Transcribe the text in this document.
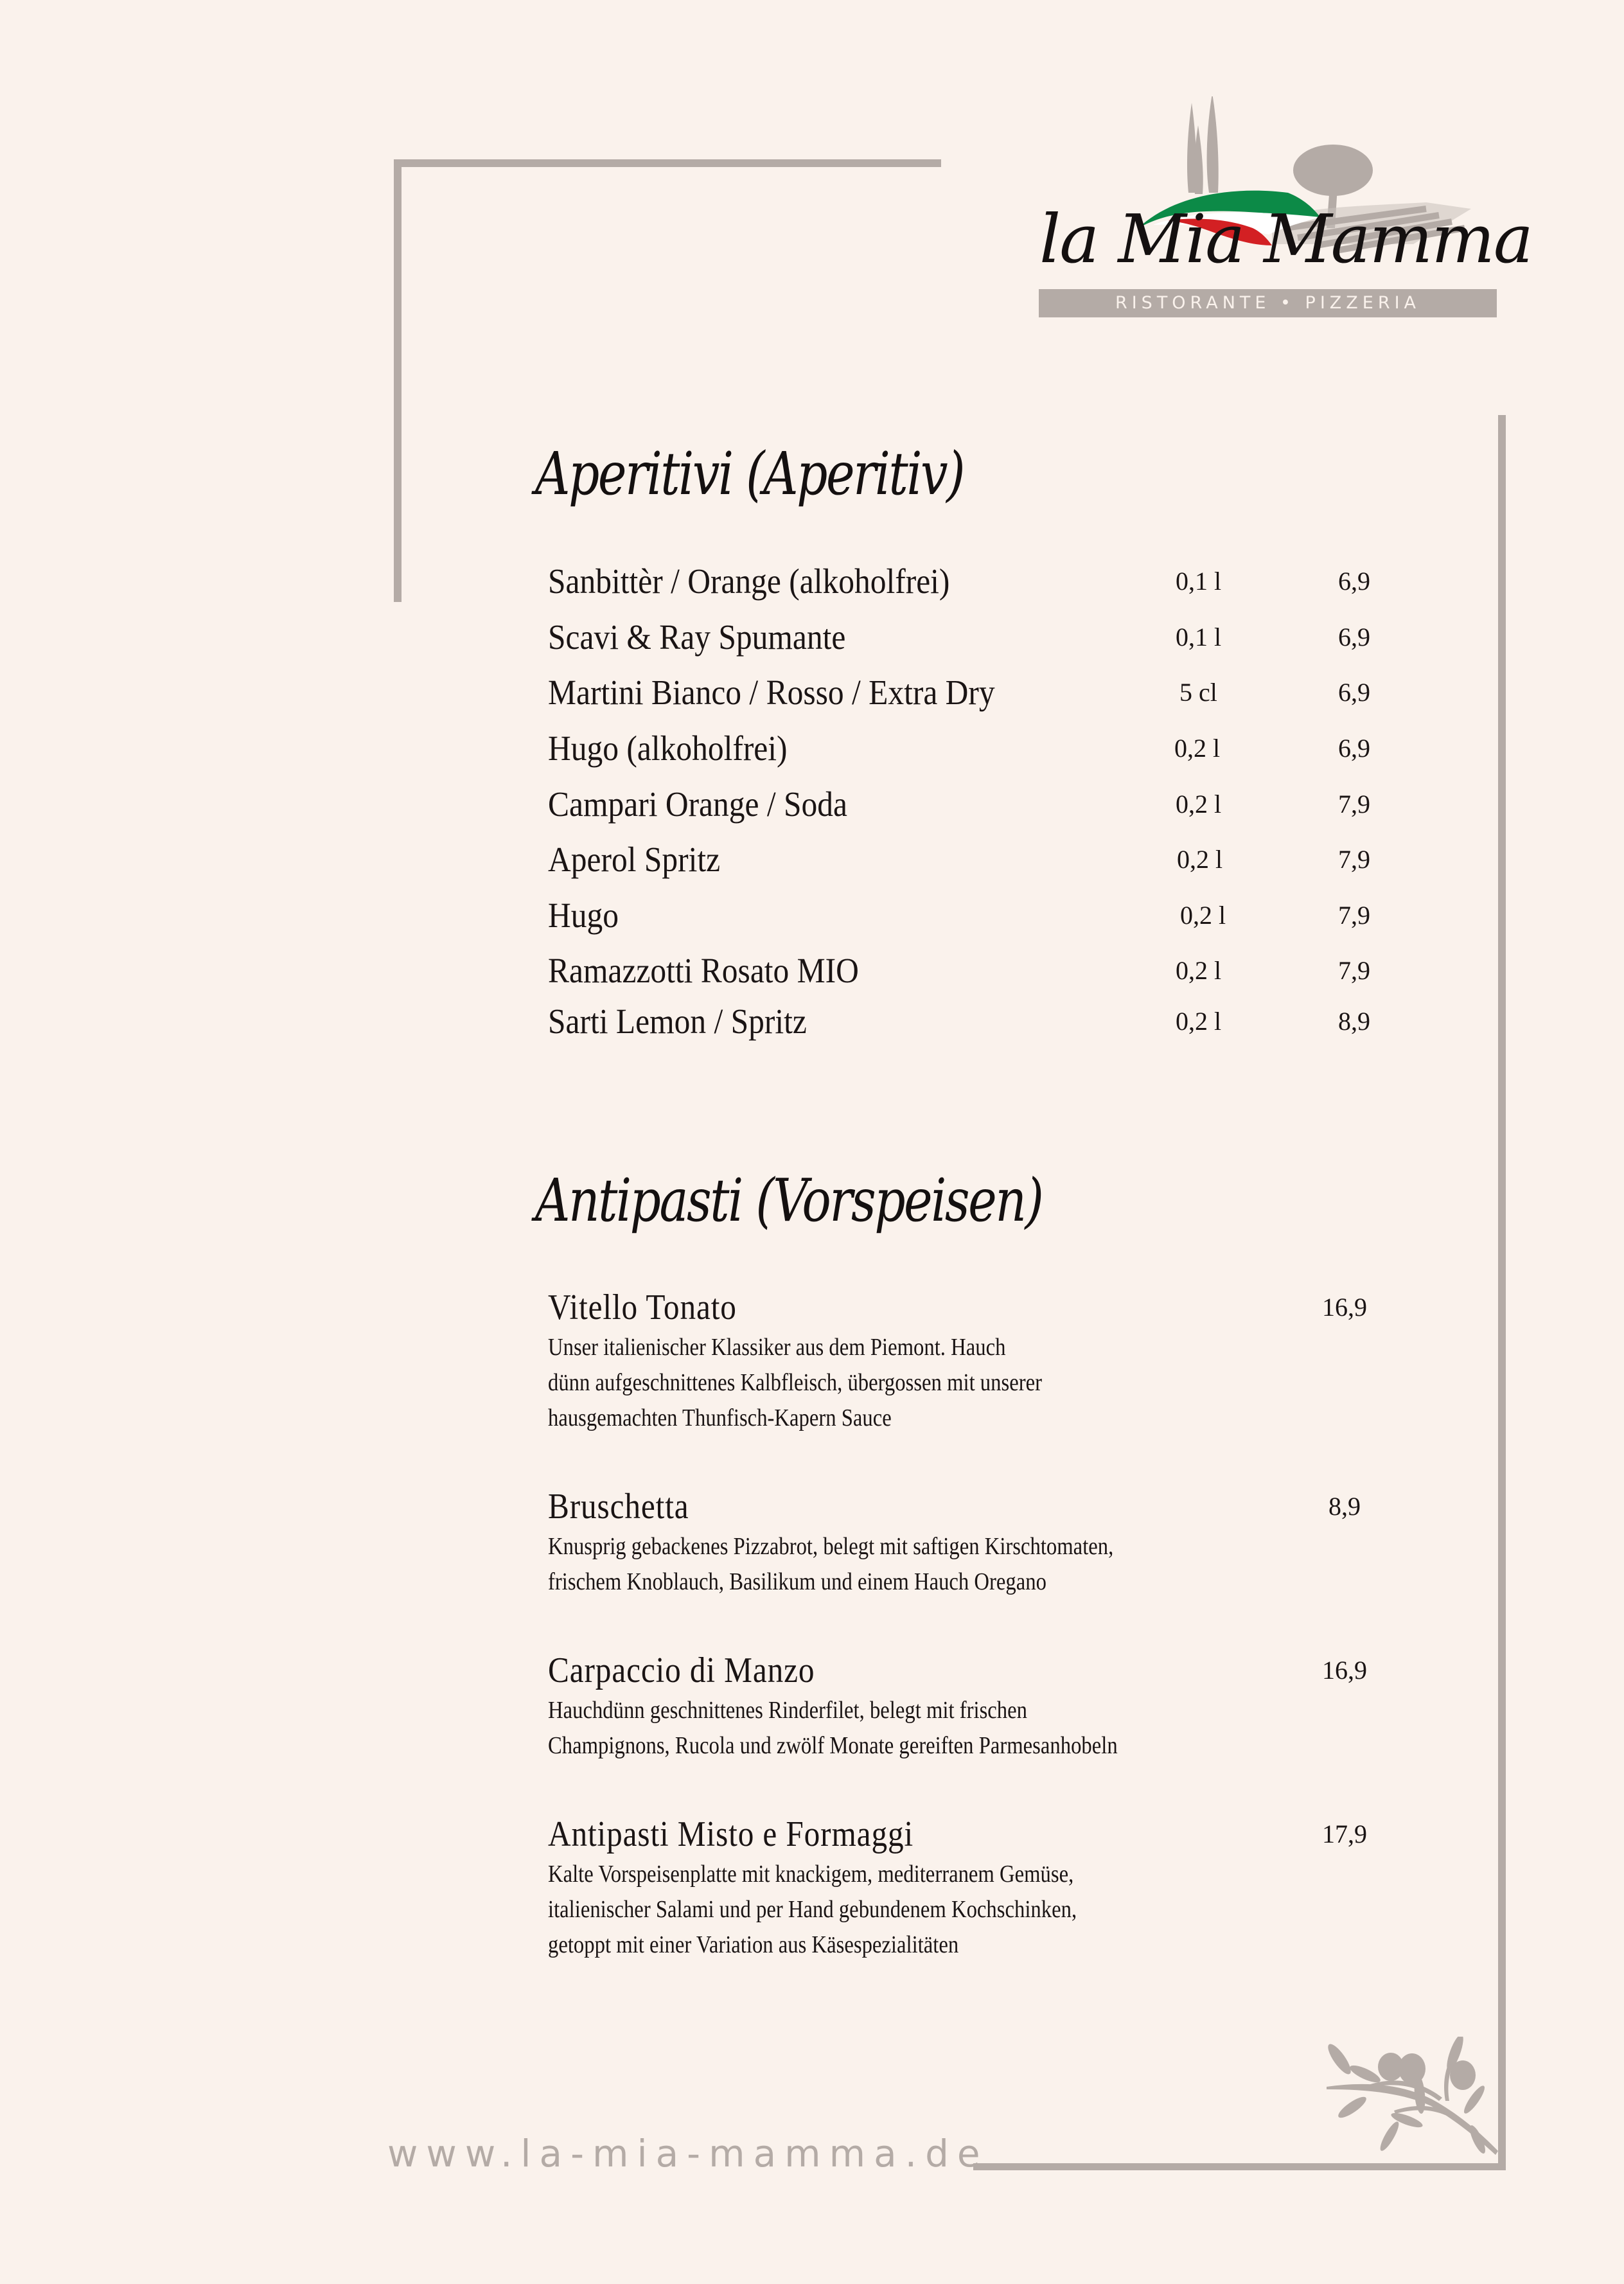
la Mia Mamma
RISTORANTE • PIZZERIA
Aperitivi (Aperitiv)
Sanbittèr / Orange (alkoholfrei)	0,1 l	6,9
Scavi & Ray Spumante	0,1 l	6,9
Martini Bianco / Rosso / Extra Dry	5 cl	6,9
Hugo (alkoholfrei)	0,2 l	6,9
Campari Orange / Soda	0,2 l	7,9
Aperol Spritz	0,2 l	7,9
Hugo	0,2 l	7,9
Ramazzotti Rosato MIO	0,2 l	7,9
Sarti Lemon / Spritz	0,2 l	8,9
Antipasti (Vorspeisen)
Vitello Tonato	16,9
Unser italienischer Klassiker aus dem Piemont. Hauch
dünn aufgeschnittenes Kalbfleisch, übergossen mit unserer
hausgemachten Thunfisch-Kapern Sauce
Bruschetta	8,9
Knusprig gebackenes Pizzabrot, belegt mit saftigen Kirschtomaten,
frischem Knoblauch, Basilikum und einem Hauch Oregano
Carpaccio di Manzo	16,9
Hauchdünn geschnittenes Rinderfilet, belegt mit frischen
Champignons, Rucola und zwölf Monate gereiften Parmesanhobeln
Antipasti Misto e Formaggi	17,9
Kalte Vorspeisenplatte mit knackigem, mediterranem Gemüse,
italienischer Salami und per Hand gebundenem Kochschinken,
getoppt mit einer Variation aus Käsespezialitäten
www.la-mia-mamma.de
